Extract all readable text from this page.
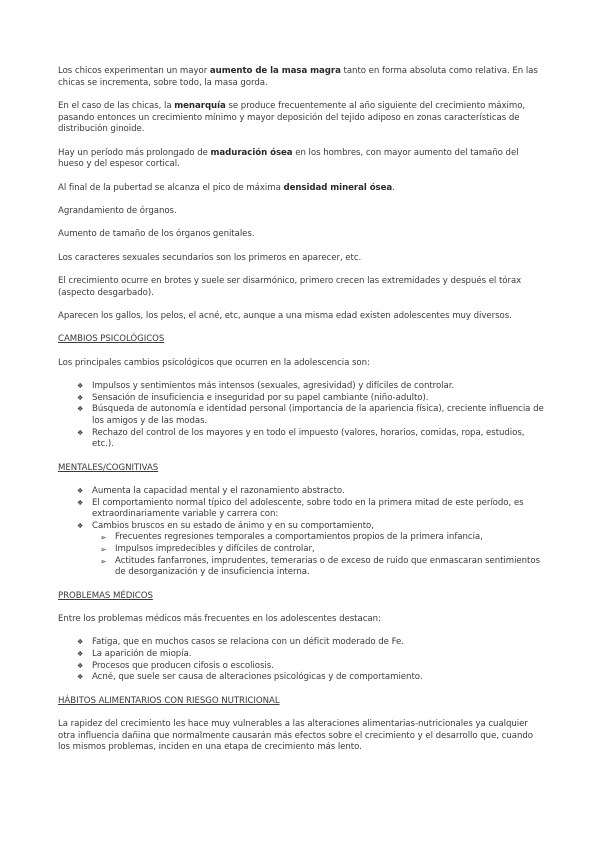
Los chicos experimentan un mayor aumento de la masa magra tanto en forma absoluta como relativa. En las chicas se incrementa, sobre todo, la masa gorda.

En el caso de las chicas, la menarquía se produce frecuentemente al año siguiente del crecimiento máximo, pasando entonces un crecimiento mínimo y mayor deposición del tejido adiposo en zonas características de distribución ginoide.

Hay un período más prolongado de maduración ósea en los hombres, con mayor aumento del tamaño del hueso y del espesor cortical.

Al final de la pubertad se alcanza el pico de máxima densidad mineral ósea.

Agrandamiento de órganos.

Aumento de tamaño de los órganos genitales.

Los caracteres sexuales secundarios son los primeros en aparecer, etc.

El crecimiento ocurre en brotes y suele ser disarmónico, primero crecen las extremidades y después el tórax (aspecto desgarbado).

Aparecen los gallos, los pelos, el acné, etc, aunque a una misma edad existen adolescentes muy diversos.

CAMBIOS PSICOLÓGICOS

Los principales cambios psicológicos que ocurren en la adolescencia son:

❖ Impulsos y sentimientos más intensos (sexuales, agresividad) y difíciles de controlar.
❖ Sensación de insuficiencia e inseguridad por su papel cambiante (niño-adulto).
❖ Búsqueda de autonomía e identidad personal (importancia de la apariencia física), creciente influencia de los amigos y de las modas.
❖ Rechazo del control de los mayores y en todo el impuesto (valores, horarios, comidas, ropa, estudios, etc.).

MENTALES/COGNITIVAS

❖ Aumenta la capacidad mental y el razonamiento abstracto.
❖ El comportamiento normal típico del adolescente, sobre todo en la primera mitad de este período, es extraordinariamente variable y carrera con:
❖ Cambios bruscos en su estado de ánimo y en su comportamiento,
➢ Frecuentes regresiones temporales a comportamientos propios de la primera infancia,
➢ Impulsos impredecibles y difíciles de controlar,
➢ Actitudes fanfarrones, imprudentes, temerarias o de exceso de ruido que enmascaran sentimientos de desorganización y de insuficiencia interna.

PROBLEMAS MÉDICOS

Entre los problemas médicos más frecuentes en los adolescentes destacan:

❖ Fatiga, que en muchos casos se relaciona con un déficit moderado de Fe.
❖ La aparición de miopía.
❖ Procesos que producen cifosis o escoliosis.
❖ Acné, que suele ser causa de alteraciones psicológicas y de comportamiento.

HÁBITOS ALIMENTARIOS CON RIESGO NUTRICIONAL

La rapidez del crecimiento les hace muy vulnerables a las alteraciones alimentarias-nutricionales ya cualquier otra influencia dañina que normalmente causarán más efectos sobre el crecimiento y el desarrollo que, cuando los mismos problemas, inciden en una etapa de crecimiento más lento.
